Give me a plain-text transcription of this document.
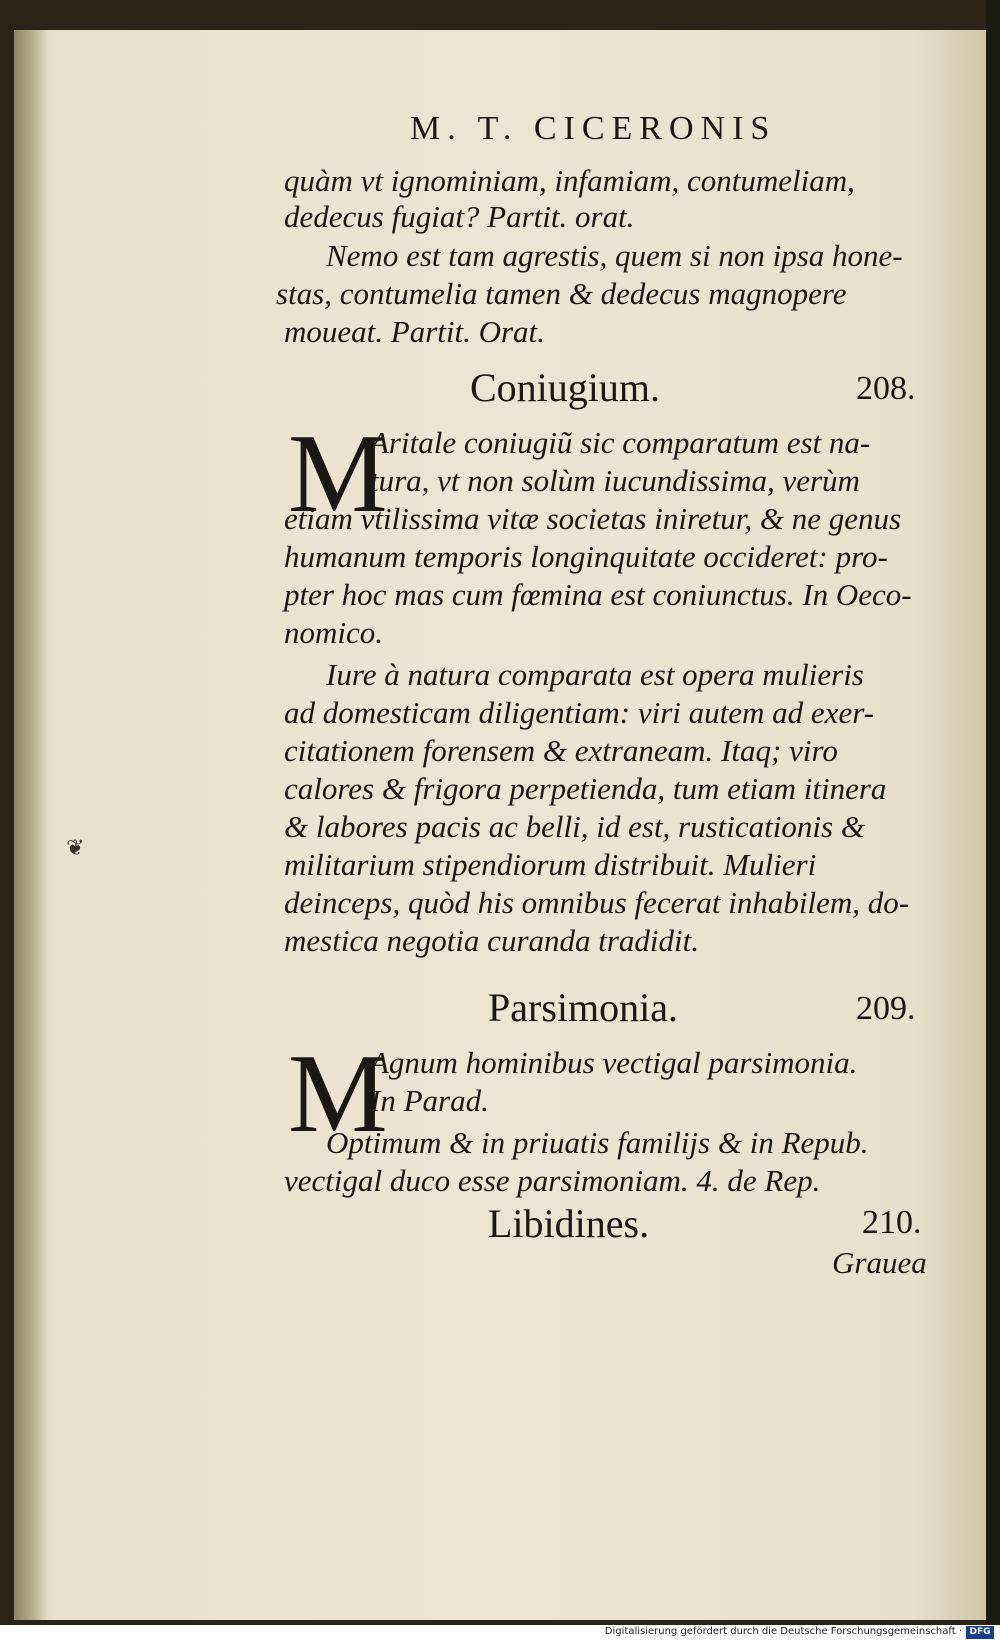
M. T. CICERONIS
quàm vt ignominiam, infamiam, contumeliam,
dedecus fugiat? Partit. orat.
Nemo est tam agrestis, quem si non ipsa hone-
stas, contumelia tamen & dedecus magnopere
moueat. Partit. Orat.
Coniugium.	208.
M
Aritale coniugiũ sic comparatum est na-
tura, vt non solùm iucundissima, verùm
etiam vtilissima vitæ societas iniretur, & ne genus
humanum temporis longinquitate occideret: pro-
pter hoc mas cum fœmina est coniunctus. In Oeco-
nomico.
Iure à natura comparata est opera mulieris
ad domesticam diligentiam: viri autem ad exer-
citationem forensem & extraneam. Itaq; viro
calores & frigora perpetienda, tum etiam itinera
& labores pacis ac belli, id est, rusticationis &
militarium stipendiorum distribuit. Mulieri
deinceps, quòd his omnibus fecerat inhabilem, do-
mestica negotia curanda tradidit.
Parsimonia.	209.
M
Agnum hominibus vectigal parsimonia.
In Parad.
Optimum & in priuatis familijs & in Repub.
vectigal duco esse parsimoniam. 4. de Rep.
Libidines.	210.
Grauea
❦
Digitalisierung gefördert durch die Deutsche Forschungsgemeinschaft · DFG
